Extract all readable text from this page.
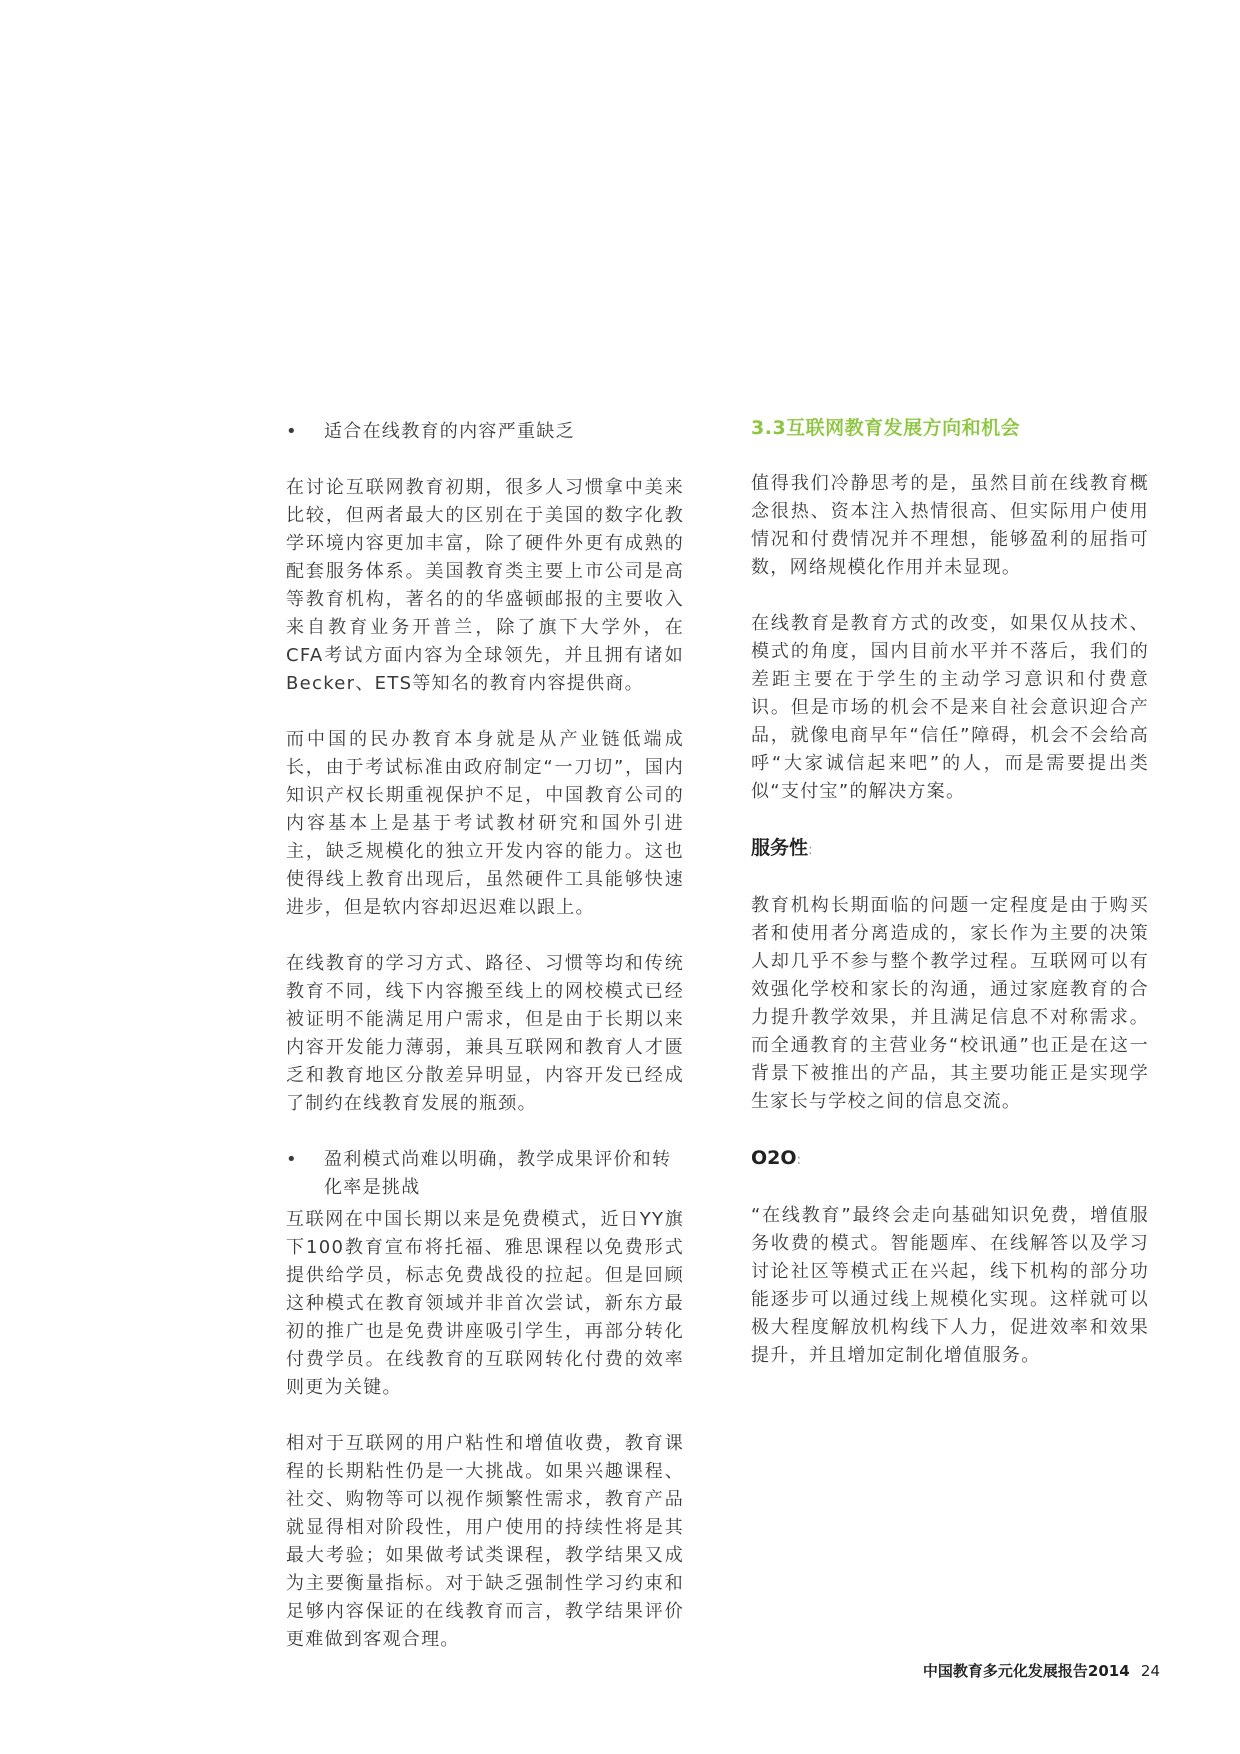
•	适合在线教育的内容严重缺乏

在讨论互联网教育初期，很多人习惯拿中美来比较，但两者最大的区别在于美国的数字化教学环境内容更加丰富，除了硬件外更有成熟的配套服务体系。美国教育类主要上市公司是高等教育机构，著名的的华盛顿邮报的主要收入来自教育业务开普兰，除了旗下大学外，在CFA考试方面内容为全球领先，并且拥有诸如Becker、ETS等知名的教育内容提供商。

而中国的民办教育本身就是从产业链低端成长，由于考试标准由政府制定“一刀切”，国内知识产权长期重视保护不足，中国教育公司的内容基本上是基于考试教材研究和国外引进主，缺乏规模化的独立开发内容的能力。这也使得线上教育出现后，虽然硬件工具能够快速进步，但是软内容却迟迟难以跟上。

在线教育的学习方式、路径、习惯等均和传统教育不同，线下内容搬至线上的网校模式已经被证明不能满足用户需求，但是由于长期以来内容开发能力薄弱，兼具互联网和教育人才匮乏和教育地区分散差异明显，内容开发已经成了制约在线教育发展的瓶颈。

•	盈利模式尚难以明确，教学成果评价和转化率是挑战

互联网在中国长期以来是免费模式，近日YY旗下100教育宣布将托福、雅思课程以免费形式提供给学员，标志免费战役的拉起。但是回顾这种模式在教育领域并非首次尝试，新东方最初的推广也是免费讲座吸引学生，再部分转化付费学员。在线教育的互联网转化付费的效率则更为关键。

相对于互联网的用户粘性和增值收费，教育课程的长期粘性仍是一大挑战。如果兴趣课程、社交、购物等可以视作频繁性需求，教育产品就显得相对阶段性，用户使用的持续性将是其最大考验；如果做考试类课程，教学结果又成为主要衡量指标。对于缺乏强制性学习约束和足够内容保证的在线教育而言，教学结果评价更难做到客观合理。

3.3互联网教育发展方向和机会

值得我们冷静思考的是，虽然目前在线教育概念很热、资本注入热情很高、但实际用户使用情况和付费情况并不理想，能够盈利的屈指可数，网络规模化作用并未显现。

在线教育是教育方式的改变，如果仅从技术、模式的角度，国内目前水平并不落后，我们的差距主要在于学生的主动学习意识和付费意识。但是市场的机会不是来自社会意识迎合产品，就像电商早年“信任”障碍，机会不会给高呼“大家诚信起来吧”的人，而是需要提出类似“支付宝”的解决方案。

服务性:

教育机构长期面临的问题一定程度是由于购买者和使用者分离造成的，家长作为主要的决策人却几乎不参与整个教学过程。互联网可以有效强化学校和家长的沟通，通过家庭教育的合力提升教学效果，并且满足信息不对称需求。而全通教育的主营业务“校讯通”也正是在这一背景下被推出的产品，其主要功能正是实现学生家长与学校之间的信息交流。

O2O:

“在线教育”最终会走向基础知识免费，增值服务收费的模式。智能题库、在线解答以及学习讨论社区等模式正在兴起，线下机构的部分功能逐步可以通过线上规模化实现。这样就可以极大程度解放机构线下人力，促进效率和效果提升，并且增加定制化增值服务。

中国教育多元化发展报告2014 24
